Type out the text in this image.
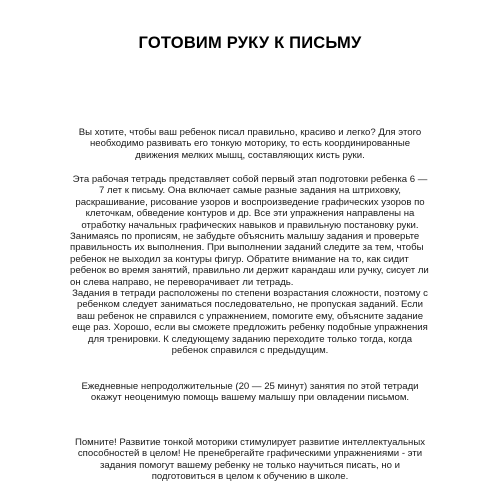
ГОТОВИМ РУКУ К ПИСЬМУ

Вы хотите, чтобы ваш ребенок писал правильно, красиво и легко? Для этого необходимо развивать его тонкую моторику, то есть координированные движения мелких мышц, составляющих кисть руки.

Эта рабочая тетрадь представляет собой первый этап подготовки ребенка 6 — 7 лет к письму. Она включает самые разные задания на штриховку, раскрашивание, рисование узоров и воспроизведение графических узоров по клеточкам, обведение контуров и др. Все эти упражнения направлены на отработку начальных графических навыков и правильную постановку руки.

Занимаясь по прописям, не забудьте объяснить малышу задания и проверьте правильность их выполнения. При выполнении заданий следите за тем, чтобы ребенок не выходил за контуры фигур. Обратите внимание на то, как сидит ребенок во время занятий, правильно ли держит карандаш или ручку, сисует ли он слева направо, не переворачивает ли тетрадь.

Задания в тетради расположены по степени возрастания сложности, поэтому с ребенком следует заниматься последовательно, не пропуская заданий. Если ваш ребенок не справился с упражнением, помогите ему, объясните задание еще раз. Хорошо, если вы сможете предложить ребенку подобные упражнения для тренировки. К следующему заданию переходите только тогда, когда ребенок справился с предыдущим.

Ежедневные непродолжительные (20 — 25 минут) занятия по этой тетради окажут неоценимую помощь вашему малышу при овладении письмом.

Помните! Развитие тонкой моторики стимулирует развитие интеллектуальных способностей в целом! Не пренебрегайте графическими упражнениями - эти задания помогут вашему ребенку не только научиться писать, но и подготовиться в целом к обучению в школе.
